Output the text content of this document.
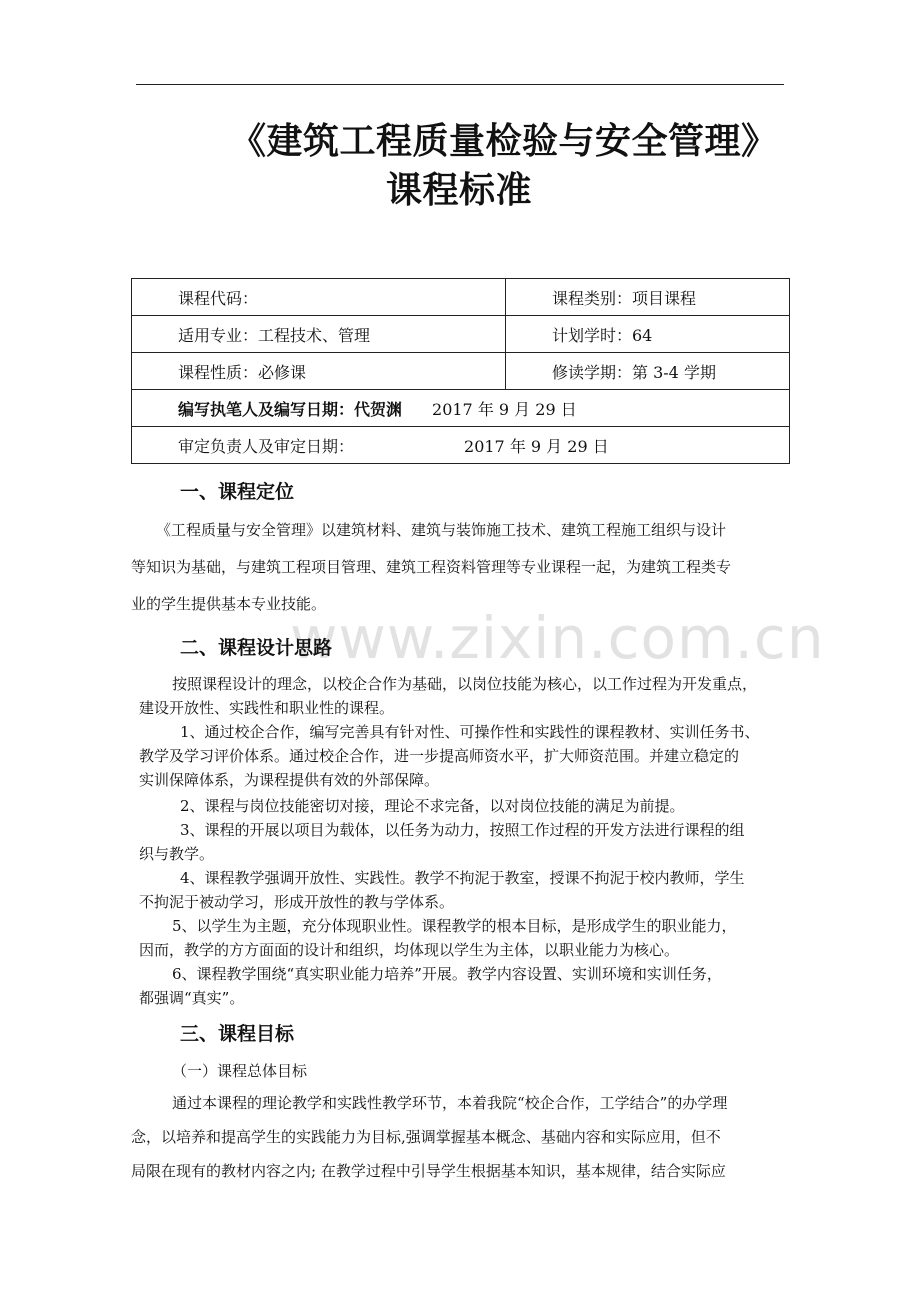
《建筑工程质量检验与安全管理》
课程标准
课程代码：	课程类别：项目课程
适用专业：工程技术、管理	计划学时：64
课程性质：必修课	修读学期：第 3-4 学期
编写执笔人及编写日期：代贺渊 2017 年 9 月 29 日	
审定负责人及审定日期： 2017 年 9 月 29 日	
一、课程定位
《工程质量与安全管理》以建筑材料、建筑与装饰施工技术、建筑工程施工组织与设计
等知识为基础，与建筑工程项目管理、建筑工程资料管理等专业课程一起，为建筑工程类专
业的学生提供基本专业技能。
www.zixin.com.cn
二、课程设计思路
按照课程设计的理念，以校企合作为基础，以岗位技能为核心，以工作过程为开发重点，
建设开放性、实践性和职业性的课程。
1、通过校企合作，编写完善具有针对性、可操作性和实践性的课程教材、实训任务书、
教学及学习评价体系。通过校企合作，进一步提高师资水平，扩大师资范围。并建立稳定的
实训保障体系，为课程提供有效的外部保障。
2、课程与岗位技能密切对接，理论不求完备，以对岗位技能的满足为前提。
3、课程的开展以项目为载体，以任务为动力，按照工作过程的开发方法进行课程的组
织与教学。
4、课程教学强调开放性、实践性。教学不拘泥于教室，授课不拘泥于校内教师，学生
不拘泥于被动学习，形成开放性的教与学体系。
5、以学生为主题，充分体现职业性。课程教学的根本目标，是形成学生的职业能力，
因而，教学的方方面面的设计和组织，均体现以学生为主体，以职业能力为核心。
6、课程教学围绕“真实职业能力培养”开展。教学内容设置、实训环境和实训任务，
都强调“真实”。
三、课程目标
（一）课程总体目标
通过本课程的理论教学和实践性教学环节，本着我院“校企合作，工学结合”的办学理
念，以培养和提高学生的实践能力为目标,强调掌握基本概念、基础内容和实际应用，但不
局限在现有的教材内容之内; 在教学过程中引导学生根据基本知识，基本规律，结合实际应
